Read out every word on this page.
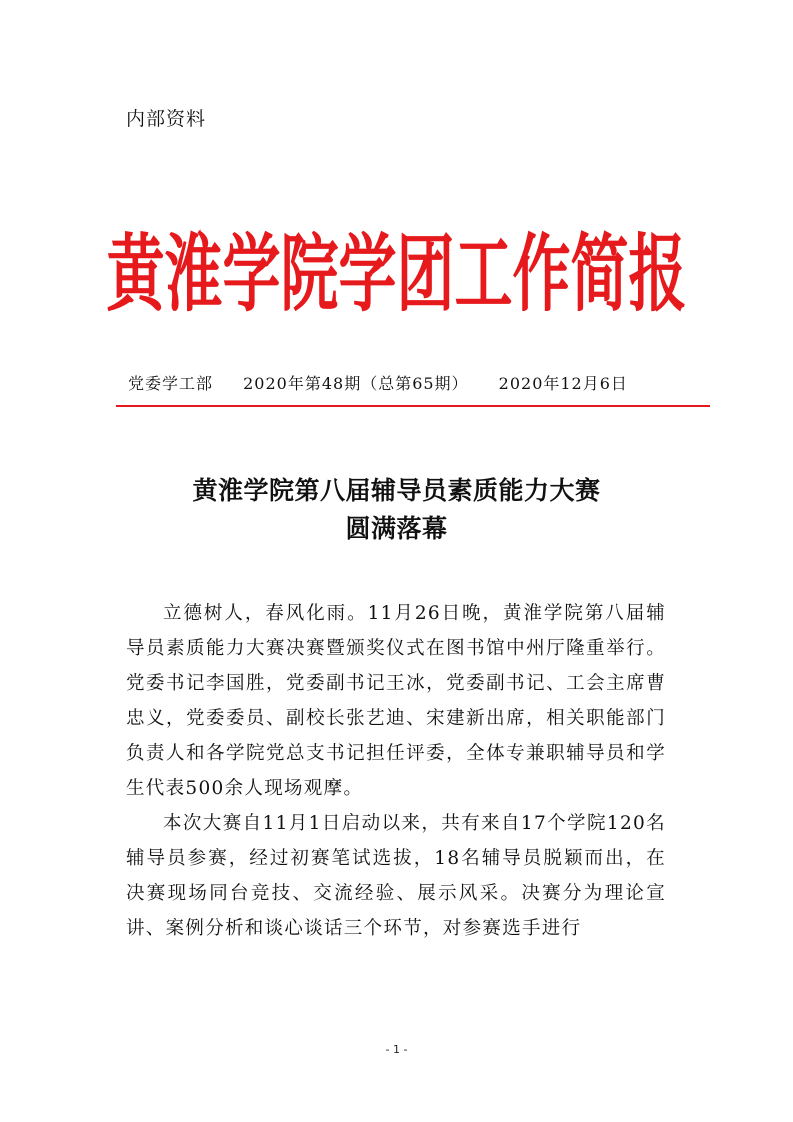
内部资料
黄淮学院学团工作简报
党委学工部 2020年第48期（总第65期） 2020年12月6日
黄淮学院第八届辅导员素质能力大赛
圆满落幕

立德树人，春风化雨。11月26日晚，黄淮学院第八届辅导员素质能力大赛决赛暨颁奖仪式在图书馆中州厅隆重举行。党委书记李国胜，党委副书记王冰，党委副书记、工会主席曹忠义，党委委员、副校长张艺迪、宋建新出席，相关职能部门负责人和各学院党总支书记担任评委，全体专兼职辅导员和学生代表500余人现场观摩。

本次大赛自11月1日启动以来，共有来自17个学院120名辅导员参赛，经过初赛笔试选拔，18名辅导员脱颖而出，在决赛现场同台竞技、交流经验、展示风采。决赛分为理论宣讲、案例分析和谈心谈话三个环节，对参赛选手进行

- 1 -
